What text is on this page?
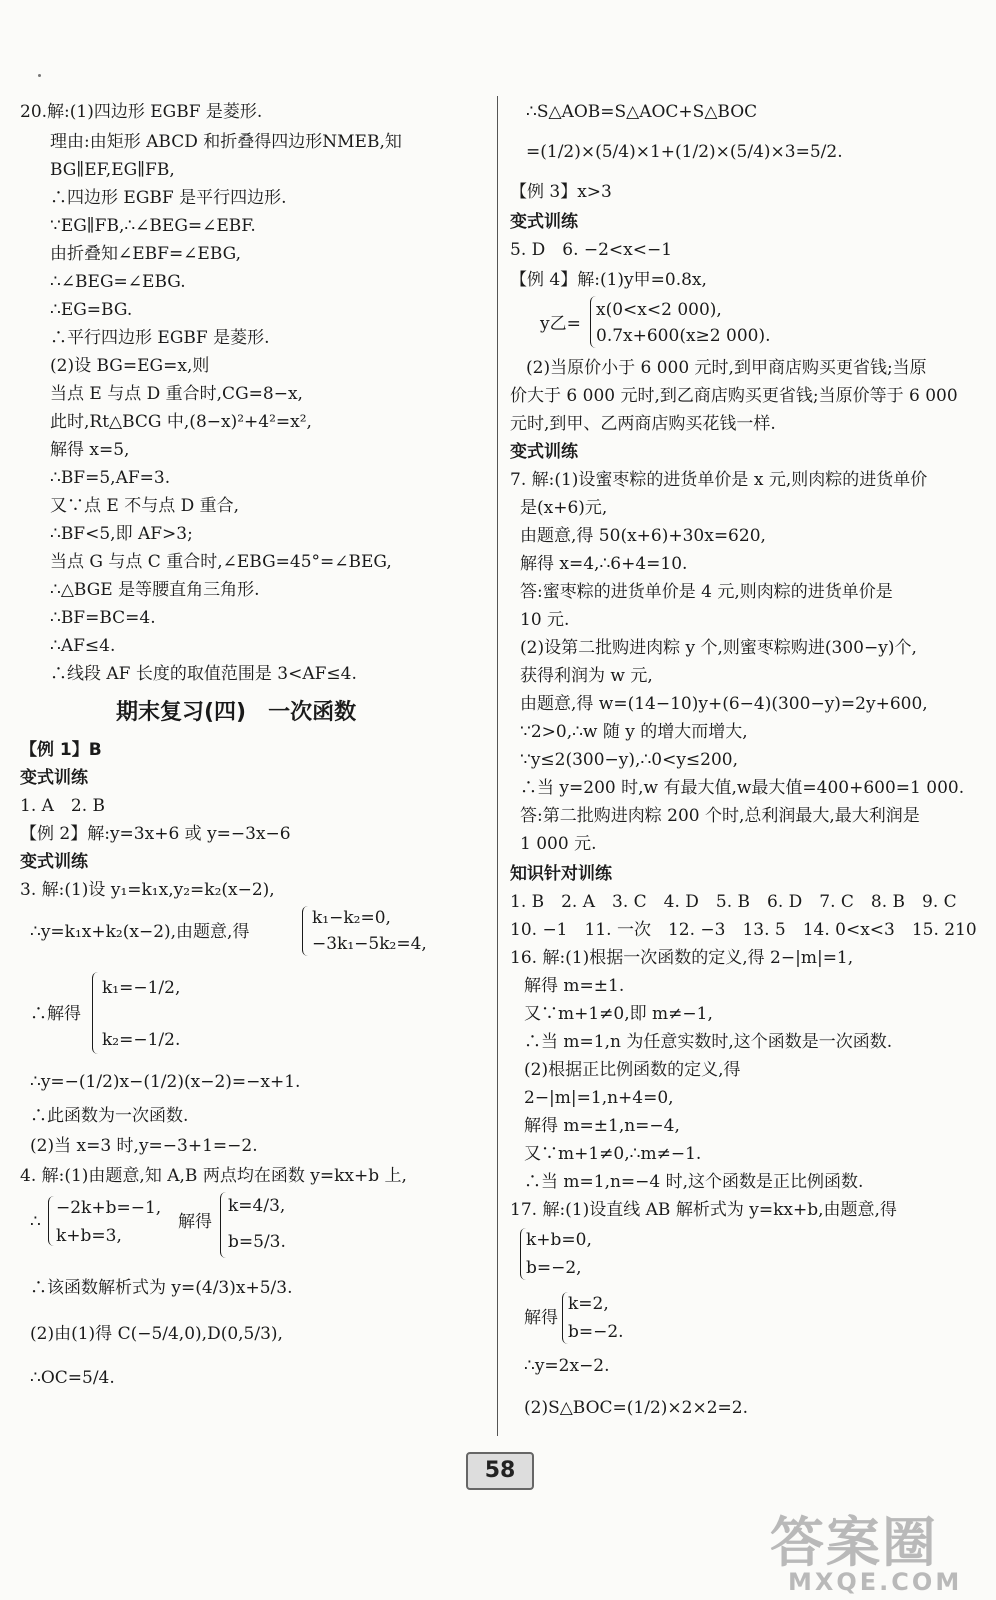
20.解:(1)四边形 EGBF 是菱形.
理由:由矩形 ABCD 和折叠得四边形NMEB,知
BG∥EF,EG∥FB,
∴四边形 EGBF 是平行四边形.
∵EG∥FB,∴∠BEG=∠EBF.
由折叠知∠EBF=∠EBG,
∴∠BEG=∠EBG.
∴EG=BG.
∴平行四边形 EGBF 是菱形.
(2)设 BG=EG=x,则
当点 E 与点 D 重合时,CG=8−x,
此时,Rt△BCG 中,(8−x)²+4²=x²,
解得 x=5,
∴BF=5,AF=3.
又∵点 E 不与点 D 重合,
∴BF<5,即 AF>3;
当点 G 与点 C 重合时,∠EBG=45°=∠BEG,
∴△BGE 是等腰直角三角形.
∴BF=BC=4.
∴AF≤4.
∴线段 AF 长度的取值范围是 3<AF≤4.
期末复习(四)　一次函数
【例 1】B
变式训练
1. A　2. B
【例 2】解:y=3x+6 或 y=−3x−6
变式训练
3. 解:(1)设 y₁=k₁x,y₂=k₂(x−2),
∴y=k₁x+k₂(x−2),由题意,得
k₁−k₂=0,
−3k₁−5k₂=4,
k₁=−1/2,
∴解得
k₂=−1/2.
∴y=−(1/2)x−(1/2)(x−2)=−x+1.
∴此函数为一次函数.
(2)当 x=3 时,y=−3+1=−2.
4. 解:(1)由题意,知 A,B 两点均在函数 y=kx+b 上,
−2k+b=−1,
∴
k+b=3,
解得
k=4/3,
b=5/3.
∴该函数解析式为 y=(4/3)x+5/3.
(2)由(1)得 C(−5/4,0),D(0,5/3),
∴OC=5/4.
∴S△AOB=S△AOC+S△BOC
=(1/2)×(5/4)×1+(1/2)×(5/4)×3=5/2.
【例 3】x>3
变式训练
5. D　6. −2<x<−1
【例 4】解:(1)y甲=0.8x,
x(0<x<2 000),
y乙=
0.7x+600(x≥2 000).
(2)当原价小于 6 000 元时,到甲商店购买更省钱;当原
价大于 6 000 元时,到乙商店购买更省钱;当原价等于 6 000
元时,到甲、乙两商店购买花钱一样.
变式训练
7. 解:(1)设蜜枣粽的进货单价是 x 元,则肉粽的进货单价
是(x+6)元,
由题意,得 50(x+6)+30x=620,
解得 x=4,∴6+4=10.
答:蜜枣粽的进货单价是 4 元,则肉粽的进货单价是
10 元.
(2)设第二批购进肉粽 y 个,则蜜枣粽购进(300−y)个,
获得利润为 w 元,
由题意,得 w=(14−10)y+(6−4)(300−y)=2y+600,
∵2>0,∴w 随 y 的增大而增大,
∵y≤2(300−y),∴0<y≤200,
∴当 y=200 时,w 有最大值,w最大值=400+600=1 000.
答:第二批购进肉粽 200 个时,总利润最大,最大利润是
1 000 元.
知识针对训练
1. B　2. A　3. C　4. D　5. B　6. D　7. C　8. B　9. C
10. −1　11. 一次　12. −3　13. 5　14. 0<x<3　15. 210
16. 解:(1)根据一次函数的定义,得 2−|m|=1,
解得 m=±1.
又∵m+1≠0,即 m≠−1,
∴当 m=1,n 为任意实数时,这个函数是一次函数.
(2)根据正比例函数的定义,得
2−|m|=1,n+4=0,
解得 m=±1,n=−4,
又∵m+1≠0,∴m≠−1.
∴当 m=1,n=−4 时,这个函数是正比例函数.
17. 解:(1)设直线 AB 解析式为 y=kx+b,由题意,得
k+b=0,
b=−2,
k=2,
解得
b=−2.
∴y=2x−2.
(2)S△BOC=(1/2)×2×2=2.
58
答案圈
MXQE.COM
